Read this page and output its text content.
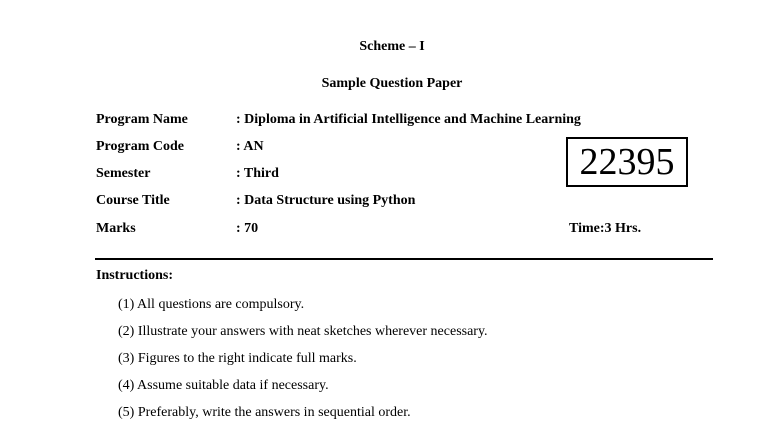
Scheme – I
Sample Question Paper
Program Name	: Diploma in Artificial Intelligence and Machine Learning
Program Code	: AN
Semester	: Third
Course Title	: Data Structure using Python
Marks	: 70	Time:3 Hrs.
22395
Instructions:
(1) All questions are compulsory.
(2) Illustrate your answers with neat sketches wherever necessary.
(3) Figures to the right indicate full marks.
(4) Assume suitable data if necessary.
(5) Preferably, write the answers in sequential order.
